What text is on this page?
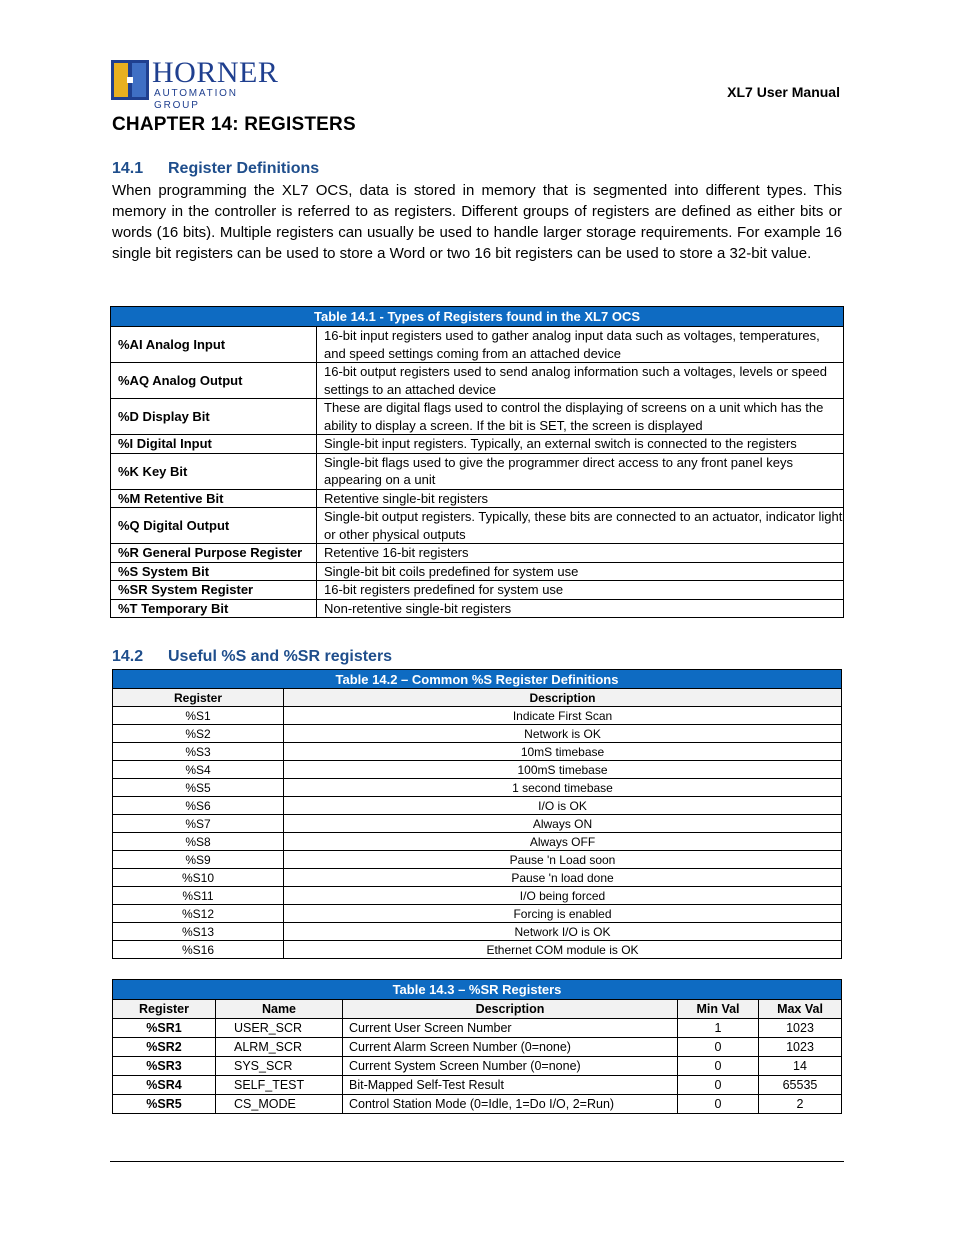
HORNER
AUTOMATION GROUP
XL7 User Manual
CHAPTER 14: REGISTERS
14.1 Register Definitions
When programming the XL7 OCS, data is stored in memory that is segmented into different types. This memory in the controller is referred to as registers. Different groups of registers are defined as either bits or words (16 bits). Multiple registers can usually be used to handle larger storage requirements. For example 16 single bit registers can be used to store a Word or two 16 bit registers can be used to store a 32-bit value.
Table 14.1 - Types of Registers found in the XL7 OCS	
%AI Analog Input	16-bit input registers used to gather analog input data such as voltages, temperatures, and speed settings coming from an attached device
%AQ Analog Output	16-bit output registers used to send analog information such a voltages, levels or speed settings to an attached device
%D Display Bit	These are digital flags used to control the displaying of screens on a unit which has the ability to display a screen. If the bit is SET, the screen is displayed
%I Digital Input	Single-bit input registers. Typically, an external switch is connected to the registers
%K Key Bit	Single-bit flags used to give the programmer direct access to any front panel keys appearing on a unit
%M Retentive Bit	Retentive single-bit registers
%Q Digital Output	Single-bit output registers. Typically, these bits are connected to an actuator, indicator light or other physical outputs
%R General Purpose Register	Retentive 16-bit registers
%S System Bit	Single-bit bit coils predefined for system use
%SR System Register	16-bit registers predefined for system use
%T Temporary Bit	Non-retentive single-bit registers
14.2 Useful %S and %SR registers
Table 14.2 – Common %S Register Definitions	
Register	Description
%S1	Indicate First Scan
%S2	Network is OK
%S3	10mS timebase
%S4	100mS timebase
%S5	1 second timebase
%S6	I/O is OK
%S7	Always ON
%S8	Always OFF
%S9	Pause 'n Load soon
%S10	Pause 'n load done
%S11	I/O being forced
%S12	Forcing is enabled
%S13	Network I/O is OK
%S16	Ethernet COM module is OK
Table 14.3 – %SR Registers				
Register	Name	Description	Min Val	Max Val
%SR1	USER_SCR	Current User Screen Number	1	1023
%SR2	ALRM_SCR	Current Alarm Screen Number (0=none)	0	1023
%SR3	SYS_SCR	Current System Screen Number (0=none)	0	14
%SR4	SELF_TEST	Bit-Mapped Self-Test Result	0	65535
%SR5	CS_MODE	Control Station Mode (0=Idle, 1=Do I/O, 2=Run)	0	2
